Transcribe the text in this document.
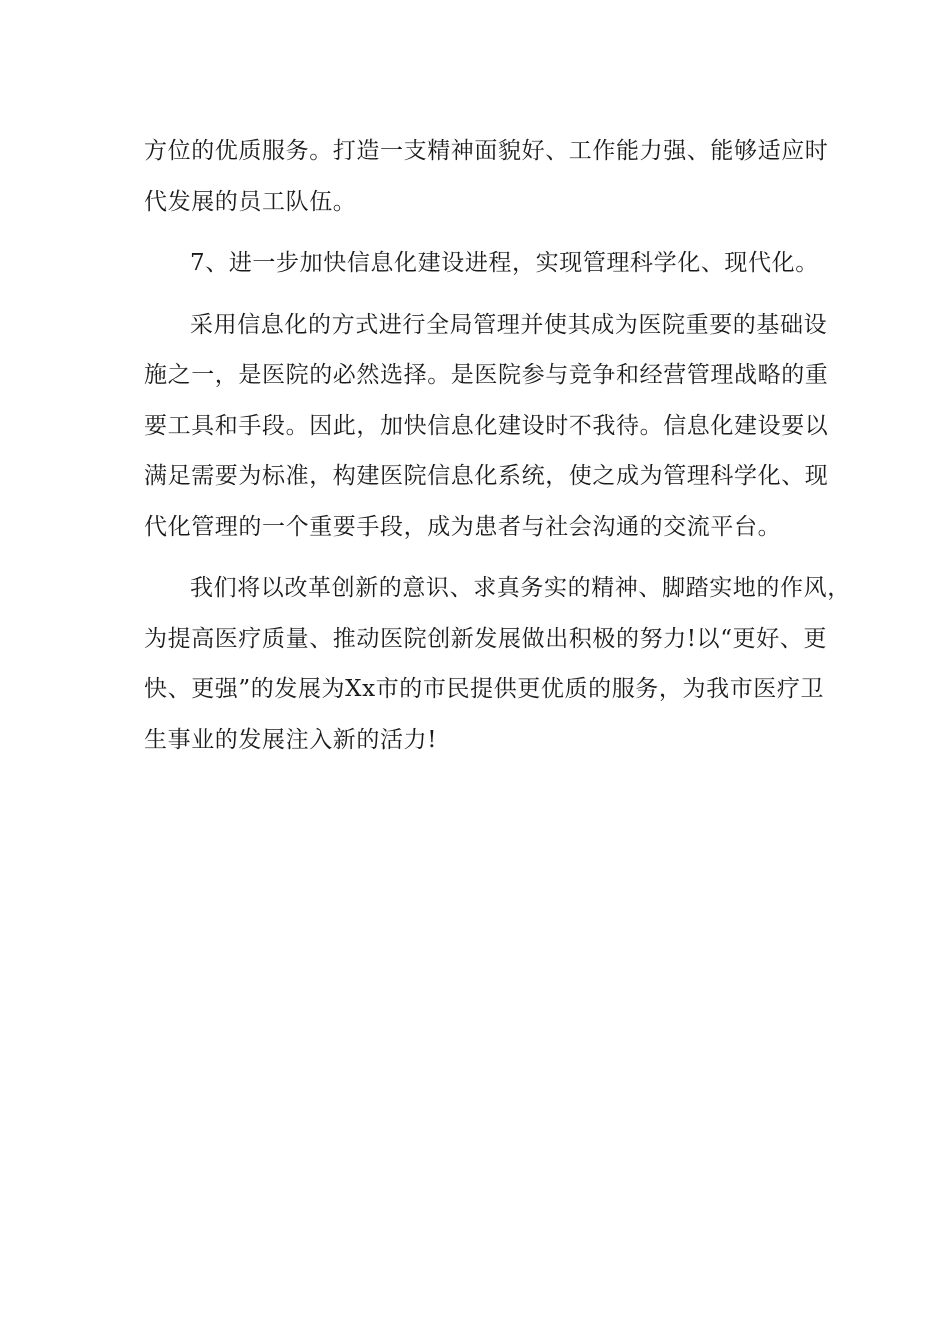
方位的优质服务。打造一支精神面貌好、工作能力强、能够适应时
代发展的员工队伍。

7、进一步加快信息化建设进程，实现管理科学化、现代化。

采用信息化的方式进行全局管理并使其成为医院重要的基础设
施之一，是医院的必然选择。是医院参与竞争和经营管理战略的重
要工具和手段。因此，加快信息化建设时不我待。信息化建设要以
满足需要为标准，构建医院信息化系统，使之成为管理科学化、现
代化管理的一个重要手段，成为患者与社会沟通的交流平台。

我们将以改革创新的意识、求真务实的精神、脚踏实地的作风，
为提高医疗质量、推动医院创新发展做出积极的努力!以“更好、更
快、更强”的发展为Xx市的市民提供更优质的服务，为我市医疗卫
生事业的发展注入新的活力!
